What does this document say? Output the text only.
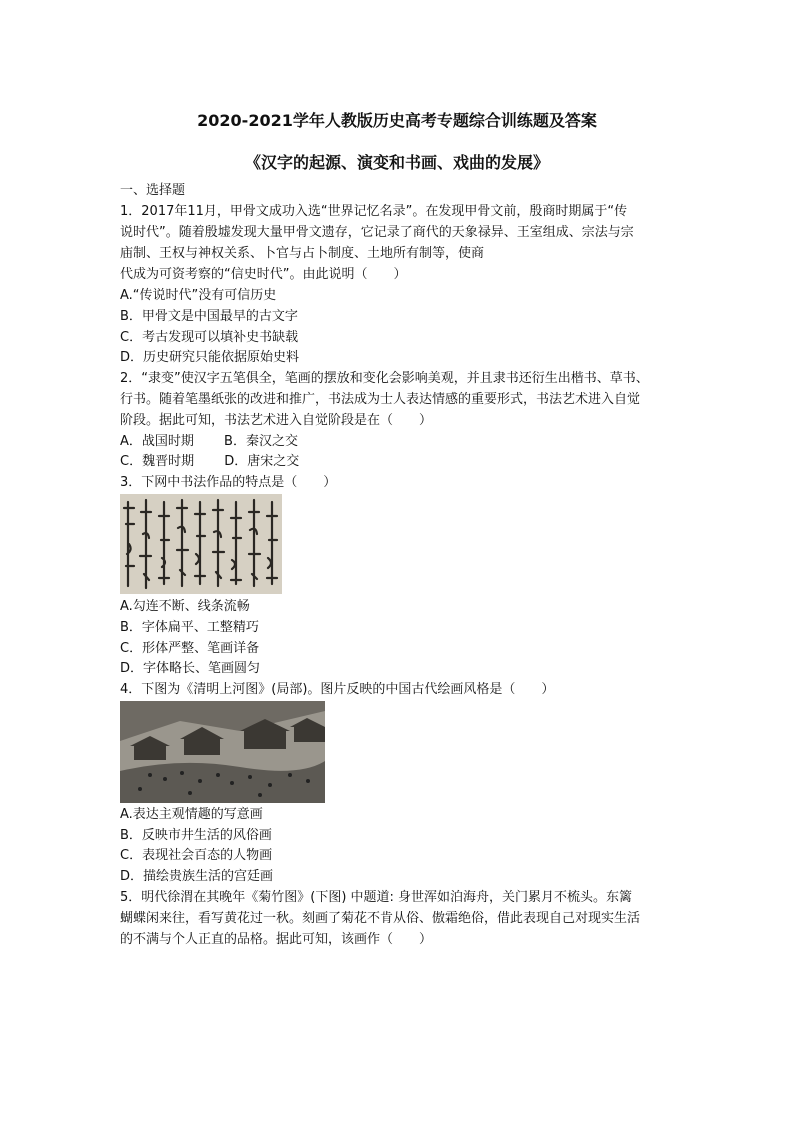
2020-2021学年人教版历史高考专题综合训练题及答案
《汉字的起源、演变和书画、戏曲的发展》
一、选择题
1．2017年11月，甲骨文成功入选“世界记忆名录”。在发现甲骨文前，殷商时期属于“传
说时代”。随着殷墟发现大量甲骨文遗存，它记录了商代的天象禄异、王室组成、宗法与宗
庙制、王权与神权关系、卜官与占卜制度、土地所有制等，使商
代成为可资考察的“信史时代”。由此说明（　　）
A.“传说时代”没有可信历史
B．甲骨文是中国最早的古文字
C．考古发现可以填补史书缺载
D．历史研究只能依据原始史料
2．“隶变”使汉字五笔俱全，笔画的摆放和变化会影响美观，并且隶书还衍生出楷书、草书、
行书。随着笔墨纸张的改进和推广，书法成为士人表达情感的重要形式，书法艺术进入自觉
阶段。据此可知，书法艺术进入自觉阶段是在（　　）
A．战国时期　　 B．秦汉之交
C．魏晋时期　　 D．唐宋之交
3．下网中书法作品的特点是（　　）
A.勾连不断、线条流畅
B．字体扁平、工整精巧
C．形体严整、笔画详备
D．字体略长、笔画圆匀
4．下图为《清明上河图》(局部)。图片反映的中国古代绘画风格是（　　）
A.表达主观情趣的写意画
B．反映市井生活的风俗画
C．表现社会百态的人物画
D．描绘贵族生活的宫廷画
5．明代徐渭在其晚年《菊竹图》(下图) 中题道: 身世浑如泊海舟，关门累月不梳头。东篱
蝴蝶闲来往，看写黄花过一秋。刻画了菊花不肯从俗、傲霜绝俗，借此表现自己对现实生活
的不满与个人正直的品格。据此可知，该画作（　　）
